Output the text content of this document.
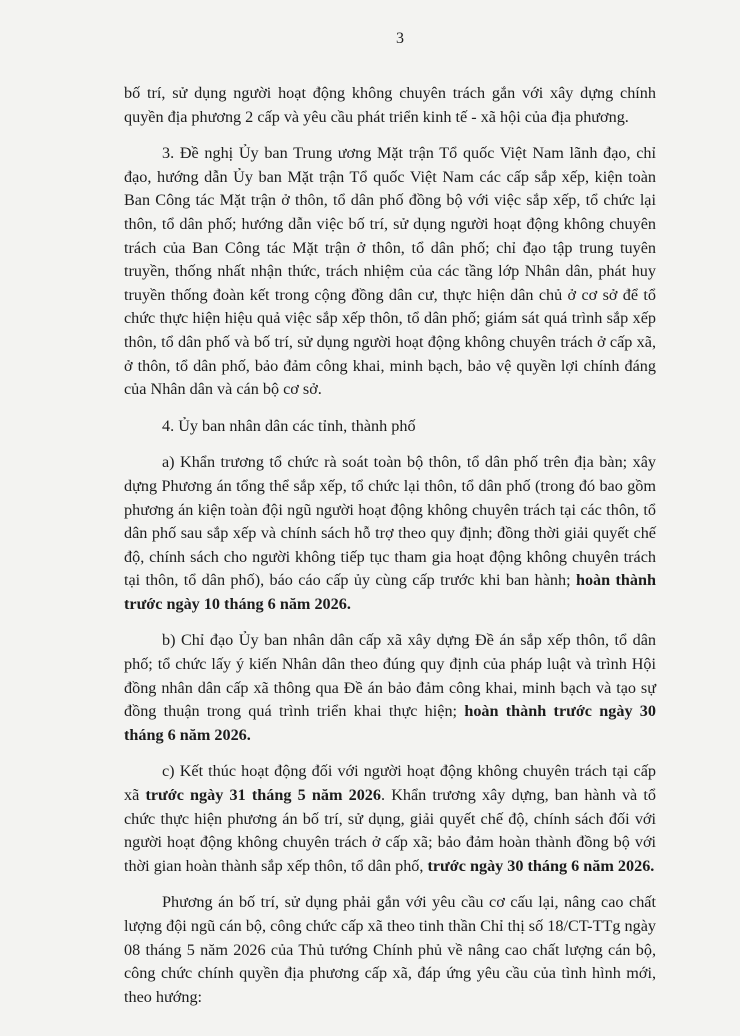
3

bố trí, sử dụng người hoạt động không chuyên trách gắn với xây dựng chính quyền địa phương 2 cấp và yêu cầu phát triển kinh tế - xã hội của địa phương.

3. Đề nghị Ủy ban Trung ương Mặt trận Tổ quốc Việt Nam lãnh đạo, chỉ đạo, hướng dẫn Ủy ban Mặt trận Tổ quốc Việt Nam các cấp sắp xếp, kiện toàn Ban Công tác Mặt trận ở thôn, tổ dân phố đồng bộ với việc sắp xếp, tổ chức lại thôn, tổ dân phố; hướng dẫn việc bố trí, sử dụng người hoạt động không chuyên trách của Ban Công tác Mặt trận ở thôn, tổ dân phố; chỉ đạo tập trung tuyên truyền, thống nhất nhận thức, trách nhiệm của các tầng lớp Nhân dân, phát huy truyền thống đoàn kết trong cộng đồng dân cư, thực hiện dân chủ ở cơ sở để tổ chức thực hiện hiệu quả việc sắp xếp thôn, tổ dân phố; giám sát quá trình sắp xếp thôn, tổ dân phố và bố trí, sử dụng người hoạt động không chuyên trách ở cấp xã, ở thôn, tổ dân phố, bảo đảm công khai, minh bạch, bảo vệ quyền lợi chính đáng của Nhân dân và cán bộ cơ sở.

4. Ủy ban nhân dân các tỉnh, thành phố

a) Khẩn trương tổ chức rà soát toàn bộ thôn, tổ dân phố trên địa bàn; xây dựng Phương án tổng thể sắp xếp, tổ chức lại thôn, tổ dân phố (trong đó bao gồm phương án kiện toàn đội ngũ người hoạt động không chuyên trách tại các thôn, tổ dân phố sau sắp xếp và chính sách hỗ trợ theo quy định; đồng thời giải quyết chế độ, chính sách cho người không tiếp tục tham gia hoạt động không chuyên trách tại thôn, tổ dân phố), báo cáo cấp ủy cùng cấp trước khi ban hành; hoàn thành trước ngày 10 tháng 6 năm 2026.

b) Chỉ đạo Ủy ban nhân dân cấp xã xây dựng Đề án sắp xếp thôn, tổ dân phố; tổ chức lấy ý kiến Nhân dân theo đúng quy định của pháp luật và trình Hội đồng nhân dân cấp xã thông qua Đề án bảo đảm công khai, minh bạch và tạo sự đồng thuận trong quá trình triển khai thực hiện; hoàn thành trước ngày 30 tháng 6 năm 2026.

c) Kết thúc hoạt động đối với người hoạt động không chuyên trách tại cấp xã trước ngày 31 tháng 5 năm 2026. Khẩn trương xây dựng, ban hành và tổ chức thực hiện phương án bố trí, sử dụng, giải quyết chế độ, chính sách đối với người hoạt động không chuyên trách ở cấp xã; bảo đảm hoàn thành đồng bộ với thời gian hoàn thành sắp xếp thôn, tổ dân phố, trước ngày 30 tháng 6 năm 2026.

Phương án bố trí, sử dụng phải gắn với yêu cầu cơ cấu lại, nâng cao chất lượng đội ngũ cán bộ, công chức cấp xã theo tinh thần Chỉ thị số 18/CT-TTg ngày 08 tháng 5 năm 2026 của Thủ tướng Chính phủ về nâng cao chất lượng cán bộ, công chức chính quyền địa phương cấp xã, đáp ứng yêu cầu của tình hình mới, theo hướng:
